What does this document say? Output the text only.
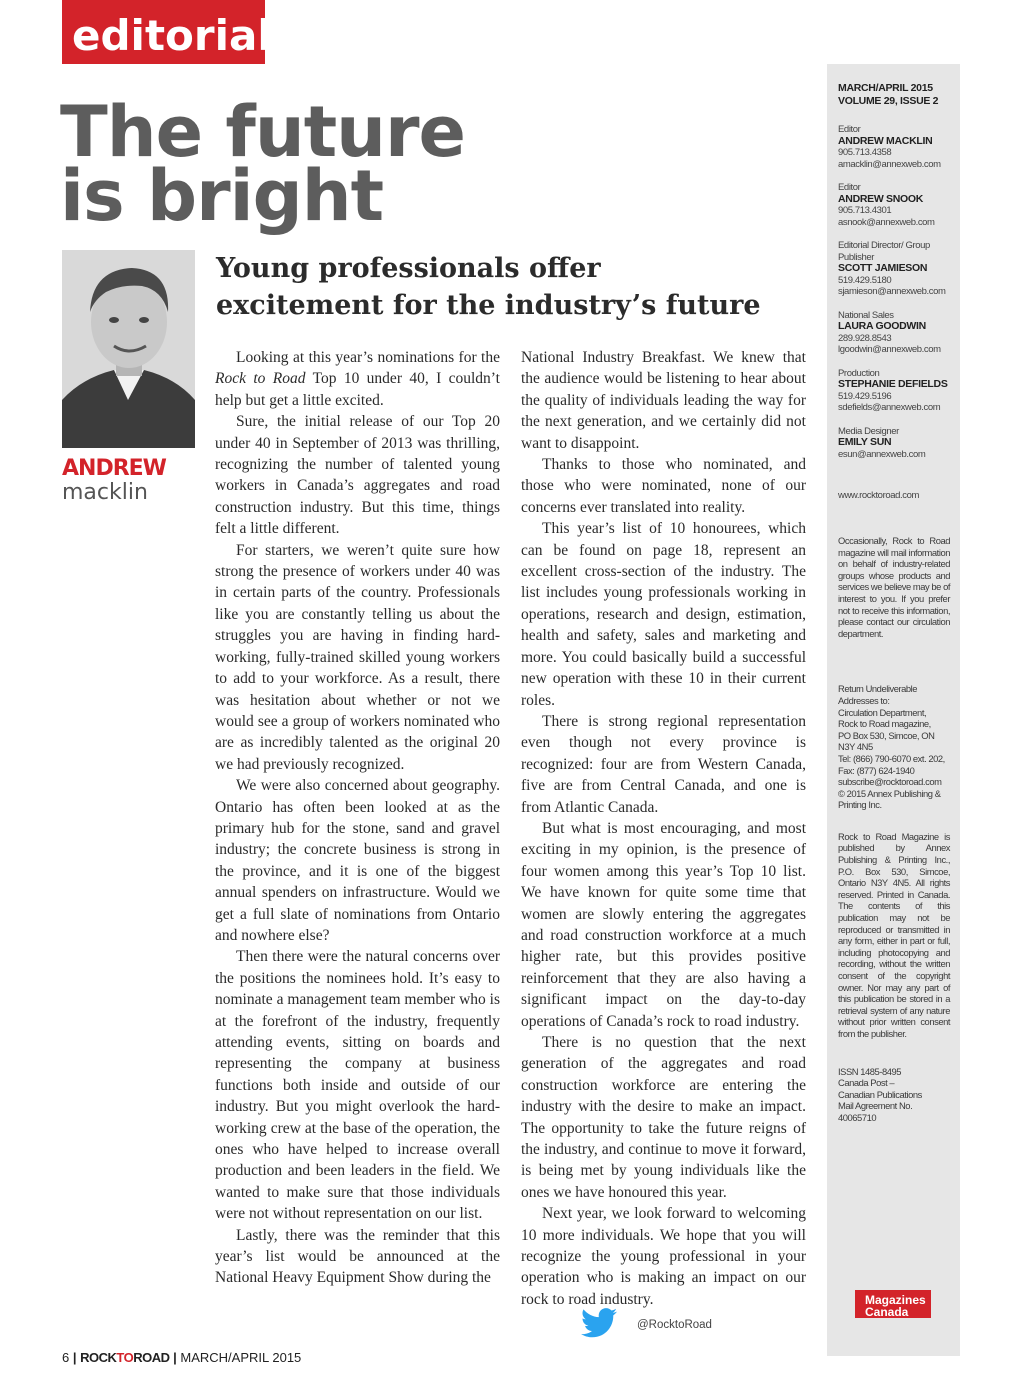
editorial
The future
is bright
Young professionals offer
excitement for the industry’s future
ANDREW
macklin

Looking at this year’s nominations for the Rock to Road Top 10 under 40, I couldn’t help but get a little excited.

Sure, the initial release of our Top 20 under 40 in September of 2013 was thrilling, recognizing the number of talented young workers in Canada’s aggregates and road construction industry. But this time, things felt a little different.

For starters, we weren’t quite sure how strong the presence of workers under 40 was in certain parts of the country. Professionals like you are constantly telling us about the struggles you are having in finding hard-working, fully-trained skilled young workers to add to your workforce. As a result, there was hesitation about whether or not we would see a group of workers nominated who are as incredibly talented as the original 20 we had previously recognized.

We were also concerned about geography. Ontario has often been looked at as the primary hub for the stone, sand and gravel industry; the concrete business is strong in the province, and it is one of the biggest annual spenders on infrastructure. Would we get a full slate of nominations from Ontario and nowhere else?

Then there were the natural concerns over the positions the nominees hold. It’s easy to nominate a management team member who is at the forefront of the industry, frequently attending events, sitting on boards and representing the company at business functions both inside and outside of our industry. But you might overlook the hard-working crew at the base of the operation, the ones who have helped to increase overall production and been leaders in the field. We wanted to make sure that those individuals were not without representation on our list.

Lastly, there was the reminder that this year’s list would be announced at the National Heavy Equipment Show during the

National Industry Breakfast. We knew that the audience would be listening to hear about the quality of individuals leading the way for the next generation, and we certainly did not want to disappoint.

Thanks to those who nominated, and those who were nominated, none of our concerns ever translated into reality.

This year’s list of 10 honourees, which can be found on page 18, represent an excellent cross-section of the industry. The list includes young professionals working in operations, research and design, estimation, health and safety, sales and marketing and more. You could basically build a successful new operation with these 10 in their current roles.

There is strong regional representation even though not every province is recognized: four are from Western Canada, five are from Central Canada, and one is from Atlantic Canada.

But what is most encouraging, and most exciting in my opinion, is the presence of four women among this year’s Top 10 list. We have known for quite some time that women are slowly entering the aggregates and road construction workforce at a much higher rate, but this provides positive reinforcement that they are also having a significant impact on the day-to-day operations of Canada’s rock to road industry.

There is no question that the next generation of the aggregates and road construction workforce are entering the industry with the desire to make an impact. The opportunity to take the future reigns of the industry, and continue to move it forward, is being met by young individuals like the ones we have honoured this year.

Next year, we look forward to welcoming 10 more individuals. We hope that you will recognize the young professional in your operation who is making an impact on our rock to road industry.

@RocktoRoad
6 | ROCKTOROAD | MARCH/APRIL 2015
MARCH/APRIL 2015
VOLUME 29, ISSUE 2
Editor
ANDREW MACKLIN
905.713.4358
amacklin@annexweb.com
Editor
ANDREW SNOOK
905.713.4301
asnook@annexweb.com
Editorial Director/ Group Publisher
SCOTT JAMIESON
519.429.5180
sjamieson@annexweb.com
National Sales
LAURA GOODWIN
289.928.8543
lgoodwin@annexweb.com
Production
STEPHANIE DEFIELDS
519.429.5196
sdefields@annexweb.com
Media Designer
EMILY SUN
esun@annexweb.com
www.rocktoroad.com
Occasionally, Rock to Road magazine will mail information on behalf of industry-related groups whose products and services we believe may be of interest to you. If you prefer not to receive this information, please contact our circulation department.
Return Undeliverable
Addresses to:
Circulation Department,
Rock to Road magazine,
PO Box 530, Simcoe, ON
N3Y 4N5
Tel: (866) 790-6070 ext. 202,
Fax: (877) 624-1940
subscribe@rocktoroad.com
© 2015 Annex Publishing &
Printing Inc.
Rock to Road Magazine is published by Annex Publishing & Printing Inc., P.O. Box 530, Simcoe, Ontario N3Y 4N5. All rights reserved. Printed in Canada. The contents of this publication may not be reproduced or transmitted in any form, either in part or full, including photocopying and recording, without the written consent of the copyright owner. Nor may any part of this publication be stored in a retrieval system of any nature without prior written consent from the publisher.
ISSN 1485-8495
Canada Post –
Canadian Publications
Mail Agreement No. 40065710
Magazines
Canada
